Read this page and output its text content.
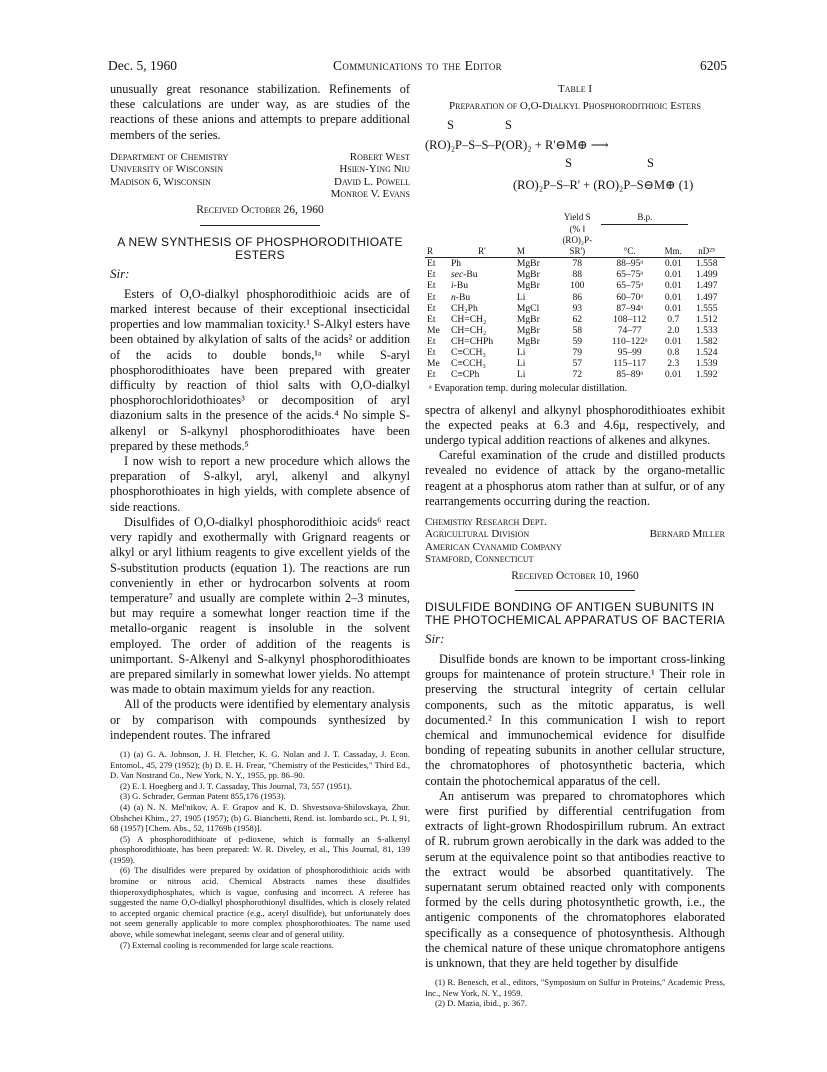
Dec. 5, 1960	Communications to the Editor	6205

unusually great resonance stabilization. Refinements of these calculations are under way, as are studies of the reactions of these anions and attempts to prepare additional members of the series.

Department of Chemistry	Robert West
University of Wisconsin	Hsien-Ying Niu
Madison 6, Wisconsin	David L. Powell
Monroe V. Evans
Received October 26, 1960
A NEW SYNTHESIS OF PHOSPHORODITHIOATE ESTERS
Sir:

Esters of O,O-dialkyl phosphorodithioic acids are of marked interest because of their exceptional insecticidal properties and low mammalian toxicity.¹ S-Alkyl esters have been obtained by alkylation of salts of the acids² or addition of the acids to double bonds,¹ᵃ while S-aryl phosphorodithioates have been prepared with greater difficulty by reaction of thiol salts with O,O-dialkyl phosphorochloridothioates³ or decomposition of aryl diazonium salts in the presence of the acids.⁴ No simple S-alkenyl or S-alkynyl phosphorodithioates have been prepared by these methods.⁵

I now wish to report a new procedure which allows the preparation of S-alkyl, aryl, alkenyl and alkynyl phosphorothioates in high yields, with complete absence of side reactions.

Disulfides of O,O-dialkyl phosphorodithioic acids⁶ react very rapidly and exothermally with Grignard reagents or alkyl or aryl lithium reagents to give excellent yields of the S-substitution products (equation 1). The reactions are run conveniently in ether or hydrocarbon solvents at room temperature⁷ and usually are complete within 2–3 minutes, but may require a somewhat longer reaction time if the metallo-organic reagent is insoluble in the solvent employed. The order of addition of the reagents is unimportant. S-Alkenyl and S-alkynyl phosphorodithioates are prepared similarly in somewhat lower yields. No attempt was made to obtain maximum yields for any reaction.

All of the products were identified by elementary analysis or by comparison with compounds synthesized by independent routes. The infrared

(1) (a) G. A. Johnson, J. H. Fletcher, K. G. Nolan and J. T. Cassaday, J. Econ. Entomol., 45, 279 (1952); (b) D. E. H. Frear, "Chemistry of the Pesticides," Third Ed., D. Van Nostrand Co., New York, N. Y., 1955, pp. 86–90.

(2) E. I. Hoegberg and J. T. Cassaday, This Journal, 73, 557 (1951).

(3) G. Schrader, German Patent 855,176 (1953).

(4) (a) N. N. Mel'nikov, A. F. Grapov and K. D. Shvestsova-Shilovskaya, Zhur. Obshchei Khim., 27, 1905 (1957); (b) G. Bianchetti, Rend. ist. lombardo sci., Pt. I, 91, 68 (1957) [Chem. Abs., 52, 11769b (1958)].

(5) A phosphorodithioate of p-dioxene, which is formally an S-alkenyl phosphorodithioate, has been prepared: W. R. Diveley, et al., This Journal, 81, 139 (1959).

(6) The disulfides were prepared by oxidation of phosphorodithioic acids with bromine or nitrous acid. Chemical Abstracts names these disulfides thioperoxydiphosphates, which is vague, confusing and incorrect. A referee has suggested the name O,O-dialkyl phosphorothionyl disulfides, which is closely related to accepted organic chemical practice (e.g., acetyl disulfide), but unfortunately does not seem generally applicable to more complex phosphorothioates. The name used above, while somewhat inelegant, seems clear and of general utility.

(7) External cooling is recommended for large scale reactions.

Table I
Preparation of O,O-Dialkyl Phosphorodithioic Esters
S	S
(RO)₂P–S–S–P(OR)₂ + R'⊖M⊕ ⟶
S	S
(RO)₂P–S–R' + (RO)₂P–S⊖M⊕ (1)
			Yield S	B.p.		
			(% ‖			
			(RO)₂P-			
R	R'	M	SR')	°C.	Mm.	nD²⁵
Et	Ph	MgBr	78	88–95ᵃ	0.01	1.558
Et	sec-Bu	MgBr	88	65–75ᵃ	0.01	1.499
Et	i-Bu	MgBr	100	65–75ᵃ	0.01	1.497
Et	n-Bu	Li	86	60–70ᵃ	0.01	1.497
Et	CH₂Ph	MgCl	93	87–94ᵃ	0.01	1.555
Et	CH=CH₂	MgBr	62	108–112	0.7	1.512
Me	CH=CH₂	MgBr	58	74–77	2.0	1.533
Et	CH=CHPh	MgBr	59	110–122ᵃ	0.01	1.582
Et	C≡CCH₃	Li	79	95–99	0.8	1.524
Me	C≡CCH₃	Li	57	115–117	2.3	1.539
Et	C≡CPh	Li	72	85–89ᵃ	0.01	1.592
ᵃ Evaporation temp. during molecular distillation.

spectra of alkenyl and alkynyl phosphorodithioates exhibit the expected peaks at 6.3 and 4.6μ, respectively, and undergo typical addition reactions of alkenes and alkynes.

Careful examination of the crude and distilled products revealed no evidence of attack by the organo-metallic reagent at a phosphorus atom rather than at sulfur, or of any rearrangements occurring during the reaction.

Chemistry Research Dept.
Agricultural Division	Bernard Miller
American Cyanamid Company
Stamford, Connecticut
Received October 10, 1960
DISULFIDE BONDING OF ANTIGEN SUBUNITS IN THE PHOTOCHEMICAL APPARATUS OF BACTERIA
Sir:

Disulfide bonds are known to be important cross-linking groups for maintenance of protein structure.¹ Their role in preserving the structural integrity of certain cellular components, such as the mitotic apparatus, is well documented.² In this communication I wish to report chemical and immunochemical evidence for disulfide bonding of repeating subunits in another cellular structure, the chromatophores of photosynthetic bacteria, which contain the photochemical apparatus of the cell.

An antiserum was prepared to chromatophores which were first purified by differential centrifugation from extracts of light-grown Rhodospirillum rubrum. An extract of R. rubrum grown aerobically in the dark was added to the serum at the equivalence point so that antibodies reactive to the extract would be absorbed quantitatively. The supernatant serum obtained reacted only with components formed by the cells during photosynthetic growth, i.e., the antigenic components of the chromatophores elaborated specifically as a consequence of photosynthesis. Although the chemical nature of these unique chromatophore antigens is unknown, that they are held together by disulfide

(1) R. Benesch, et al., editors, "Symposium on Sulfur in Proteins," Academic Press, Inc., New York, N. Y., 1959.

(2) D. Mazia, ibid., p. 367.
